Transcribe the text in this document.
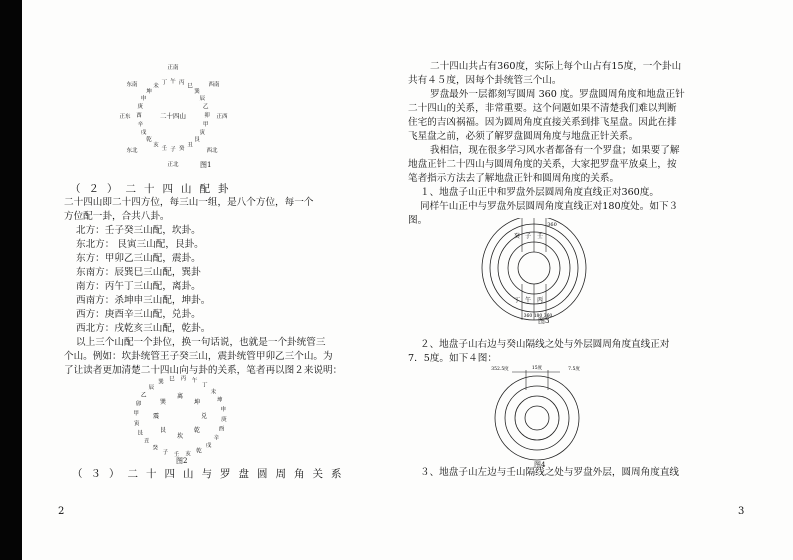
壬 子 癸
丑
艮
寅
甲
卯
乙
辰
巽
巳
丙
午
丁
未
坤
申
庚
酉
辛
戌
乾
亥
二十四山
正南
西南
正西
西北
正北
东北
正东
东南
图1
（２）二十四山配卦
二十四山即二十四方位，每三山一组，是八个方位，每一个
方位配一卦，合共八卦。
北方：壬子癸三山配，坎卦。
东北方： 艮寅三山配，艮卦。
东方：甲卯乙三山配，震卦。
东南方：辰巽巳三山配，巽卦
南方：丙午丁三山配，离卦。
西南方：杀坤申三山配，坤卦。
西方：庚酉辛三山配，兑卦。
西北方：戌乾亥三山配，乾卦。
以上三个山配一个卦位，换一句话说，也就是一个卦统管三
个山。例如：坎卦统管王子癸三山，震卦统管甲卯乙三个山。为
了让读者更加清楚二十四山向与卦的关系，笔者再以图２来说明：
乙
辰
巽 巳 丙 午
丁
未
坤
申
庚
酉
辛
戌
乾
亥
壬
子
癸
丑
艮
寅
甲
卯
离
坤
兑
乾
坎
艮
震
巽
图2
（３）二十四山与罗盘圆周角关系
2
二十四山共占有360度，实际上每个山占有15度，一个卦山
共有４５度，因每个卦统管三个山。
罗盘最外一层都刻写圆周 360 度。罗盘圆周角度和地盘正针
二十四山的关系，非常重要。这个问题如果不清楚我们难以判断
住宅的吉凶祸福。因为圆周角度直接关系到排飞星盘。因此在排
飞星盘之前，必须了解罗盘圆周角度与地盘正针关系。
我相信，现在很多学习风水者都备有一个罗盘；如果要了解
地盘正针二十四山与圆周角度的关系，大家把罗盘平放桌上，按
笔者指示方法去了解地盘正针和圆周角度的关系。
１、地盘子山正中和罗盘外层圆周角度直线正对360度。
同样午山正中与罗盘外层圆周角度直线正对180度处。如下３
图。
癸 子 壬
360
丁 午 丙
360 180 360
图3
２、地盘子山右边与癸山隔线之处与外层圆周角度直线正对
7．5度。如下４图：
352.5度	15度	7.5度
图4
３、地盘子山左边与壬山隔线之处与罗盘外层，圆周角度直线
3
